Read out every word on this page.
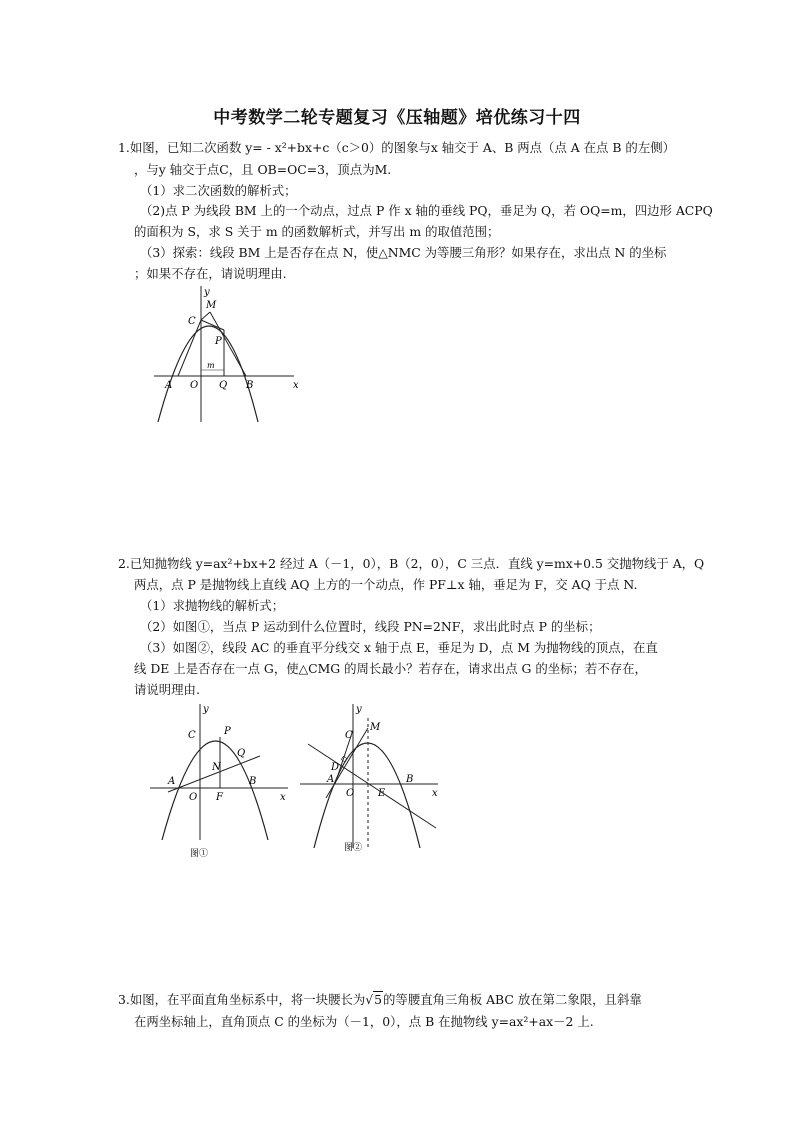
中考数学二轮专题复习《压轴题》培优练习十四
1.如图，已知二次函数 y= - x²+bx+c（c＞0）的图象与x 轴交于 A、B 两点（点 A 在点 B 的左侧）
，与y 轴交于点C，且 OB=OC=3，顶点为M.
（1）求二次函数的解析式；
（2)点 P 为线段 BM 上的一个动点，过点 P 作 x 轴的垂线 PQ，垂足为 Q，若 OQ=m，四边形 ACPQ
的面积为 S，求 S 关于 m 的函数解析式，并写出 m 的取值范围；
（3）探索：线段 BM 上是否存在点 N，使△NMC 为等腰三角形？如果存在，求出点 N 的坐标
；如果不存在，请说明理由.
y
M
C
P
m
A O Q B	x
2.已知抛物线 y=ax²+bx+2 经过 A（－1，0），B（2，0），C 三点．直线 y=mx+0.5 交抛物线于 A，Q
两点，点 P 是抛物线上直线 AQ 上方的一个动点，作 PF⊥x 轴，垂足为 F，交 AQ 于点 N.
（1）求抛物线的解析式；
（2）如图①，当点 P 运动到什么位置时，线段 PN=2NF，求出此时点 P 的坐标；
（3）如图②，线段 AC 的垂直平分线交 x 轴于点 E，垂足为 D，点 M 为抛物线的顶点，在直
线 DE 上是否存在一点 G，使△CMG 的周长最小？若存在，请求出点 G 的坐标；若不存在，
请说明理由.
y
C	P
Q
N
A	B
O F	x
图①
y
M
C
D
A	B
O E	x
图②
3.如图，在平面直角坐标系中，将一块腰长为√5的等腰直角三角板 ABC 放在第二象限，且斜靠
在两坐标轴上，直角顶点 C 的坐标为（－1，0），点 B 在抛物线 y=ax²+ax－2 上.
